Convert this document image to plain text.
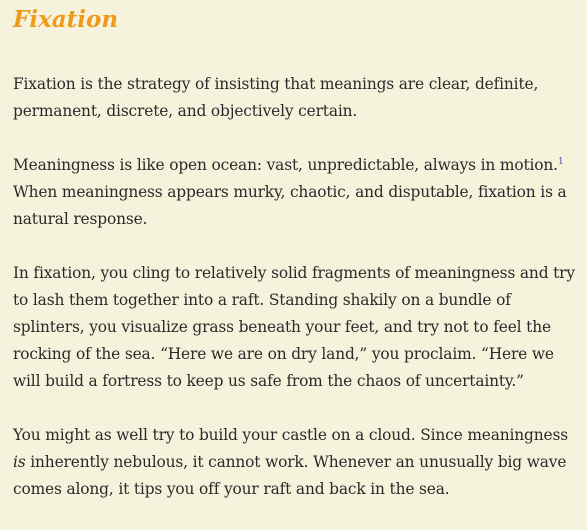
Fixation

Fixation is the strategy of insisting that meanings are clear, definite, permanent, discrete, and objectively certain.

Meaningness is like open ocean: vast, unpredictable, always in motion.$^1$ When meaningness appears murky, chaotic, and disputable, fixation is a natural response.

In fixation, you cling to relatively solid fragments of meaningness and try to lash them together into a raft. Standing shakily on a bundle of splinters, you visualize grass beneath your feet, and try not to feel the rocking of the sea. “Here we are on dry land,” you proclaim. “Here we will build a fortress to keep us safe from the chaos of uncertainty.”

You might as well try to build your castle on a cloud. Since meaningness is inherently nebulous, it cannot work. Whenever an unusually big wave comes along, it tips you off your raft and back in the sea.
